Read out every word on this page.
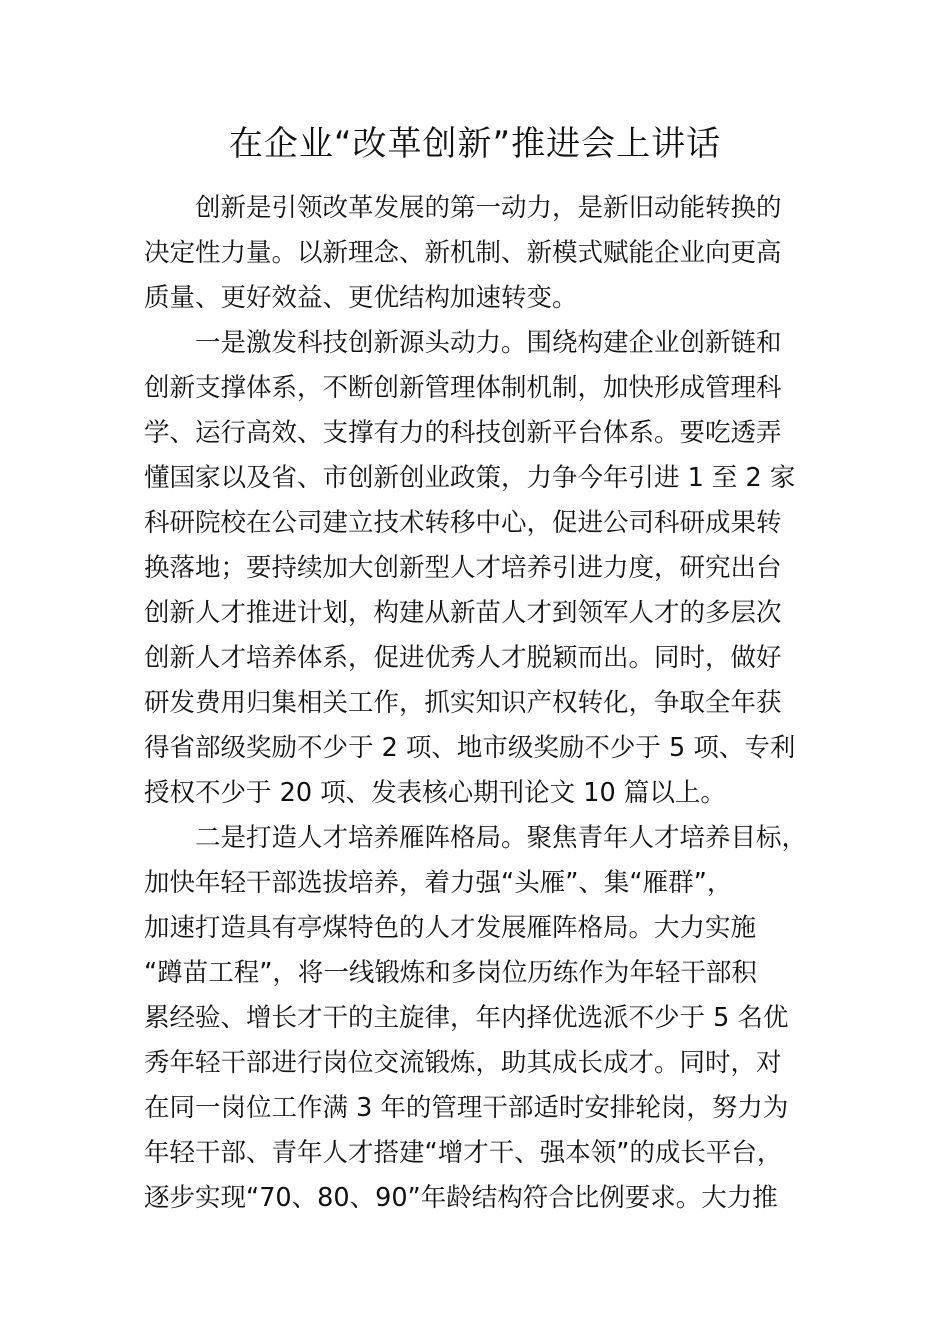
在企业“改革创新”推进会上讲话

创新是引领改革发展的第一动力，是新旧动能转换的
决定性力量。以新理念、新机制、新模式赋能企业向更高
质量、更好效益、更优结构加速转变。

一是激发科技创新源头动力。围绕构建企业创新链和
创新支撑体系，不断创新管理体制机制，加快形成管理科
学、运行高效、支撑有力的科技创新平台体系。要吃透弄
懂国家以及省、市创新创业政策，力争今年引进 1 至 2 家
科研院校在公司建立技术转移中心，促进公司科研成果转
换落地；要持续加大创新型人才培养引进力度，研究出台
创新人才推进计划，构建从新苗人才到领军人才的多层次
创新人才培养体系，促进优秀人才脱颖而出。同时，做好
研发费用归集相关工作，抓实知识产权转化，争取全年获
得省部级奖励不少于 2 项、地市级奖励不少于 5 项、专利
授权不少于 20 项、发表核心期刊论文 10 篇以上。

二是打造人才培养雁阵格局。聚焦青年人才培养目标，
加快年轻干部选拔培养，着力强“头雁”、集“雁群”，
加速打造具有亭煤特色的人才发展雁阵格局。大力实施
“蹲苗工程”，将一线锻炼和多岗位历练作为年轻干部积
累经验、增长才干的主旋律，年内择优选派不少于 5 名优
秀年轻干部进行岗位交流锻炼，助其成长成才。同时，对
在同一岗位工作满 3 年的管理干部适时安排轮岗，努力为
年轻干部、青年人才搭建“增才干、强本领”的成长平台，
逐步实现“70、80、90”年龄结构符合比例要求。大力推
